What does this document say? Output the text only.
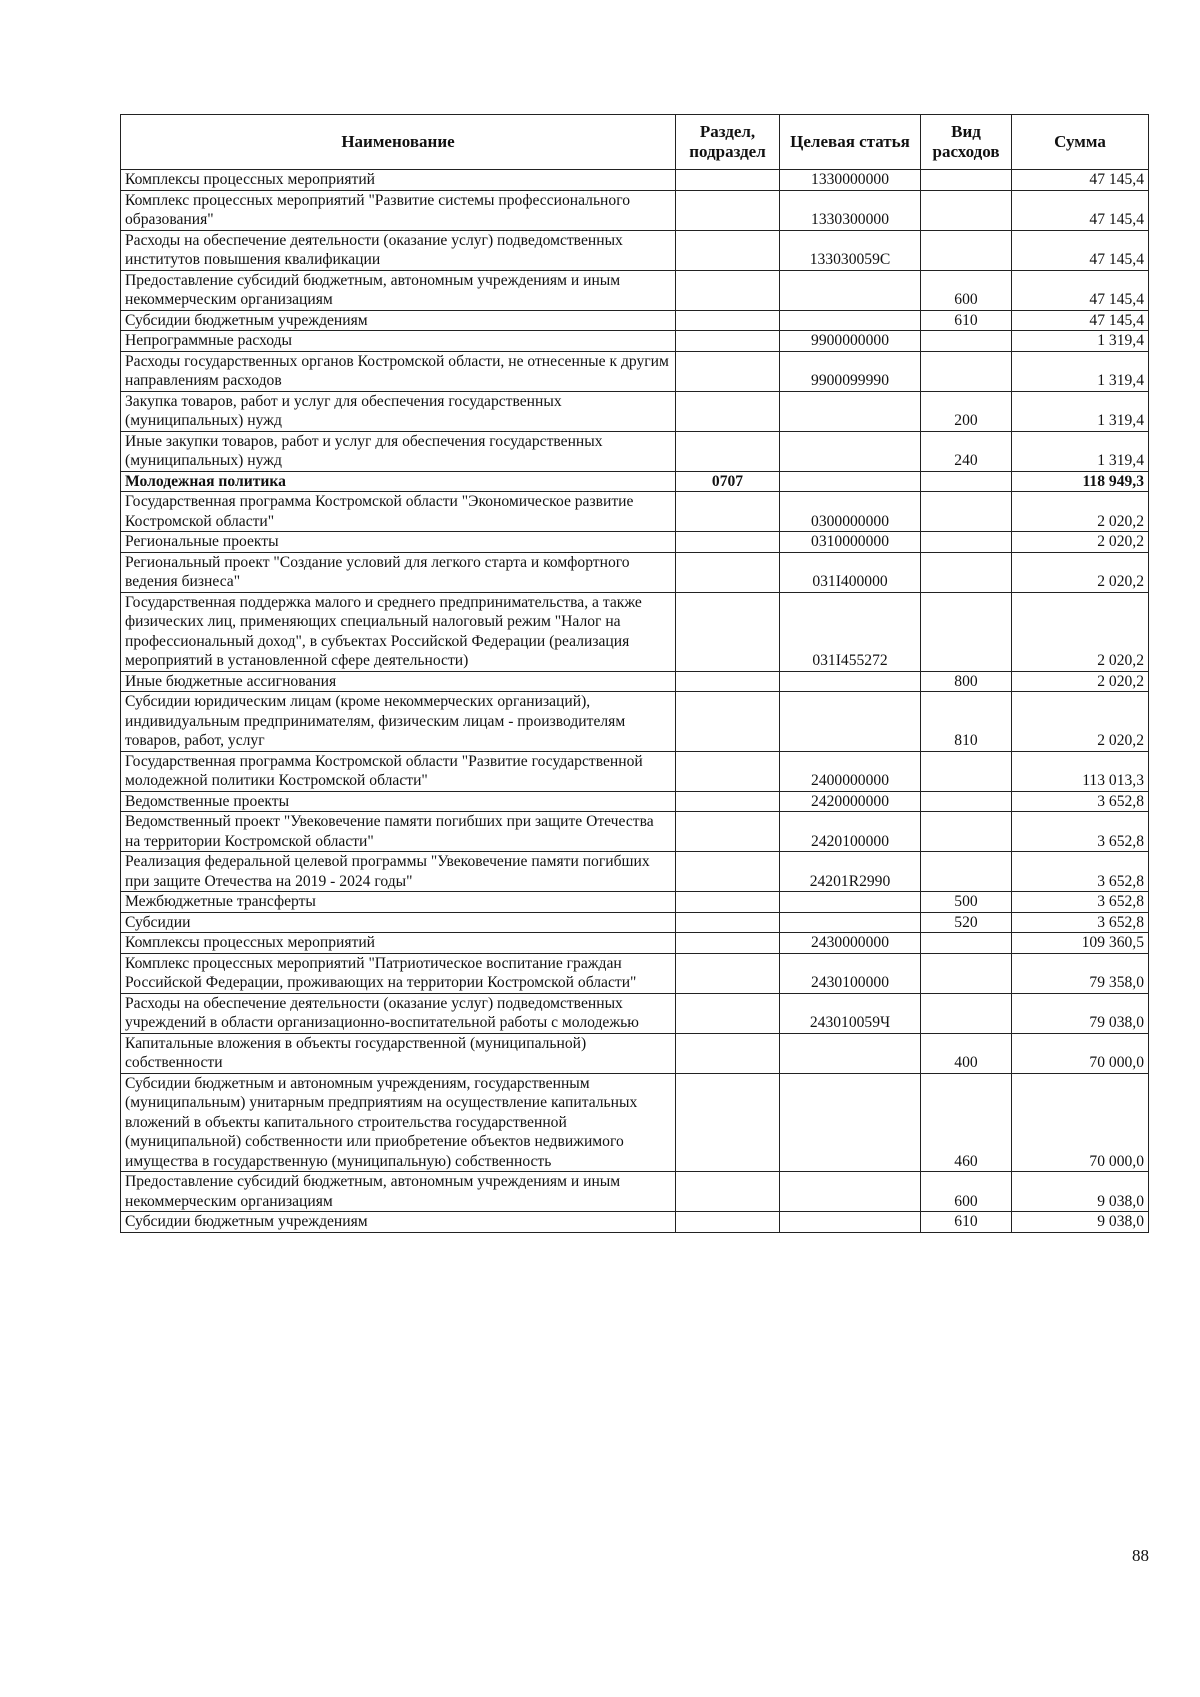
Наименование	Раздел, подраздел	Целевая статья	Вид расходов	Сумма
Комплексы процессных мероприятий		1330000000		47 145,4
Комплекс процессных мероприятий "Развитие системы профессионального образования"		1330300000		47 145,4
Расходы на обеспечение деятельности (оказание услуг) подведомственных институтов повышения квалификации		133030059С		47 145,4
Предоставление субсидий бюджетным, автономным учреждениям и иным некоммерческим организациям			600	47 145,4
Субсидии бюджетным учреждениям			610	47 145,4
Непрограммные расходы		9900000000		1 319,4
Расходы государственных органов Костромской области, не отнесенные к другим направлениям расходов		9900099990		1 319,4
Закупка товаров, работ и услуг для обеспечения государственных (муниципальных) нужд			200	1 319,4
Иные закупки товаров, работ и услуг для обеспечения государственных (муниципальных) нужд			240	1 319,4
Молодежная политика	0707			118 949,3
Государственная программа Костромской области "Экономическое развитие Костромской области"		0300000000		2 020,2
Региональные проекты		0310000000		2 020,2
Региональный проект "Создание условий для легкого старта и комфортного ведения бизнеса"		031I400000		2 020,2
Государственная поддержка малого и среднего предпринимательства, а также физических лиц, применяющих специальный налоговый режим "Налог на профессиональный доход", в субъектах Российской Федерации (реализация мероприятий в установленной сфере деятельности)		031I455272		2 020,2
Иные бюджетные ассигнования			800	2 020,2
Субсидии юридическим лицам (кроме некоммерческих организаций), индивидуальным предпринимателям, физическим лицам - производителям товаров, работ, услуг			810	2 020,2
Государственная программа Костромской области "Развитие государственной молодежной политики Костромской области"		2400000000		113 013,3
Ведомственные проекты		2420000000		3 652,8
Ведомственный проект "Увековечение памяти погибших при защите Отечества на территории Костромской области"		2420100000		3 652,8
Реализация федеральной целевой программы "Увековечение памяти погибших при защите Отечества на 2019 - 2024 годы"		24201R2990		3 652,8
Межбюджетные трансферты			500	3 652,8
Субсидии			520	3 652,8
Комплексы процессных мероприятий		2430000000		109 360,5
Комплекс процессных мероприятий "Патриотическое воспитание граждан Российской Федерации, проживающих на территории Костромской области"		2430100000		79 358,0
Расходы на обеспечение деятельности (оказание услуг) подведомственных учреждений в области организационно-воспитательной работы с молодежью		243010059Ч		79 038,0
Капитальные вложения в объекты государственной (муниципальной) собственности			400	70 000,0
Субсидии бюджетным и автономным учреждениям, государственным (муниципальным) унитарным предприятиям на осуществление капитальных вложений в объекты капитального строительства государственной (муниципальной) собственности или приобретение объектов недвижимого имущества в государственную (муниципальную) собственность			460	70 000,0
Предоставление субсидий бюджетным, автономным учреждениям и иным некоммерческим организациям			600	9 038,0
Субсидии бюджетным учреждениям			610	9 038,0
88
